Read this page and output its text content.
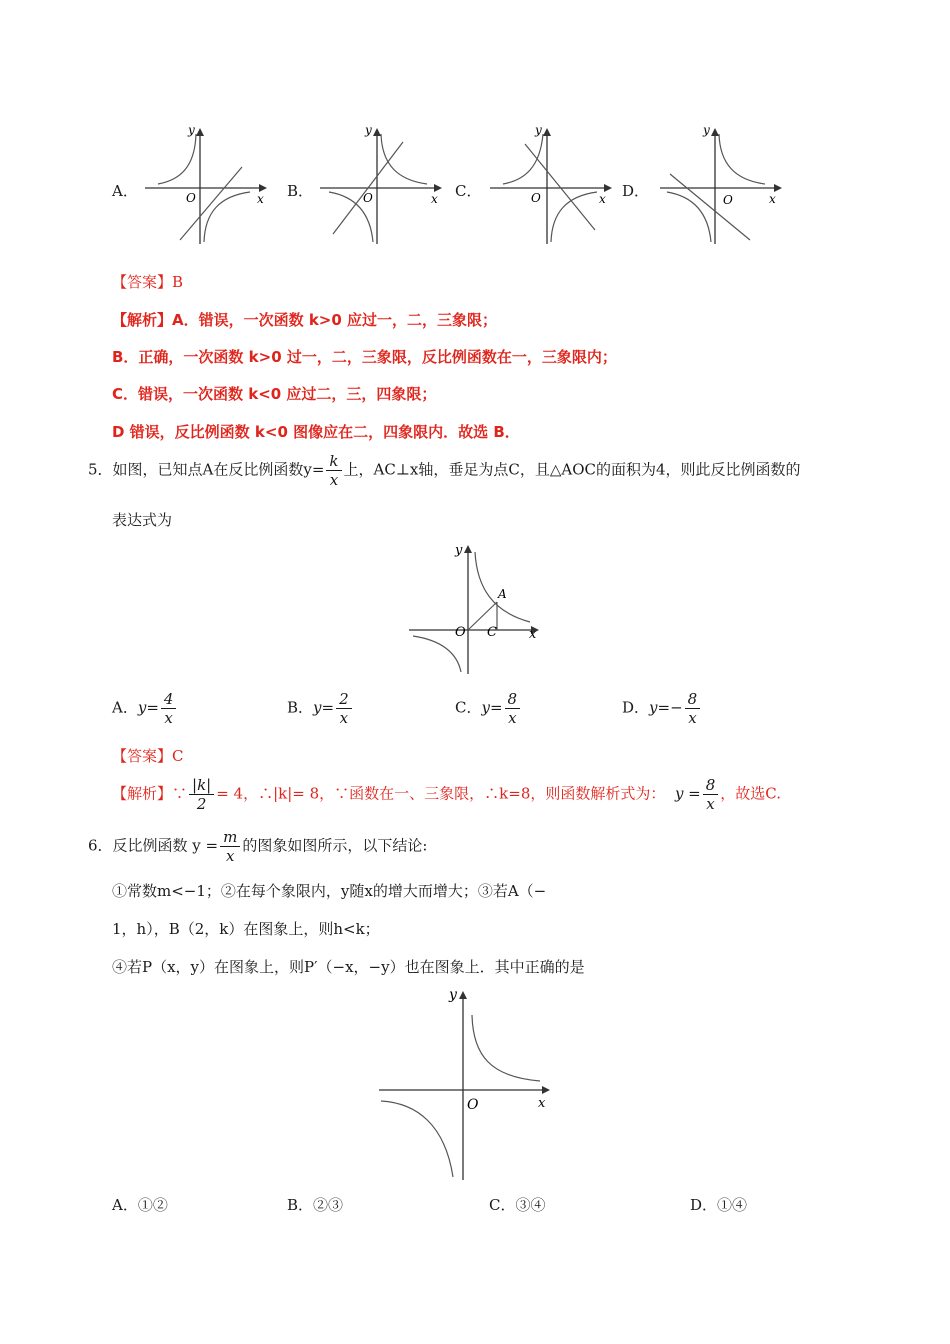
A．
y
x
O	B．
y
x
O	C．
y
x
O	D．
y
x
O
【答案】B
【解析】A．错误，一次函数 k>0 应过一，二，三象限；
B．正确，一次函数 k>0 过一，二，三象限，反比例函数在一，三象限内；
C．错误，一次函数 k<0 应过二，三，四象限；
D 错误，反比例函数 k<0 图像应在二，四象限内．故选 B．
5．如图，已知点A在反比例函数$y= \frac{k}{x}$ 上，AC⊥x轴，垂足为点C，且△AOC的面积为4，则此反比例函数的
表达式为
y
x
O
A
C
A．$y= \frac{4}{x}$	B．$y= \frac{2}{x}$	C．$y= \frac{8}{x}$	D．$y=- \frac{8}{x}$
【答案】C
【解析】∵ $\frac{|k|}{2} = 4$，∴|k|= 8，∵函数在一、三象限，∴k=8，则函数解析式为： $y = \frac{8}{x}$ ，故选C.
6．反比例函数 $y = \frac{m}{x}$ 的图象如图所示，以下结论:
①常数m<−1；②在每个象限内，y随x的增大而增大；③若A（−
1，h），B（2，k）在图象上，则h<k；
④若P（x，y）在图象上，则P′（−x，−y）也在图象上．其中正确的是
y
x
O
A．①②	B．②③	C．③④	D．①④
